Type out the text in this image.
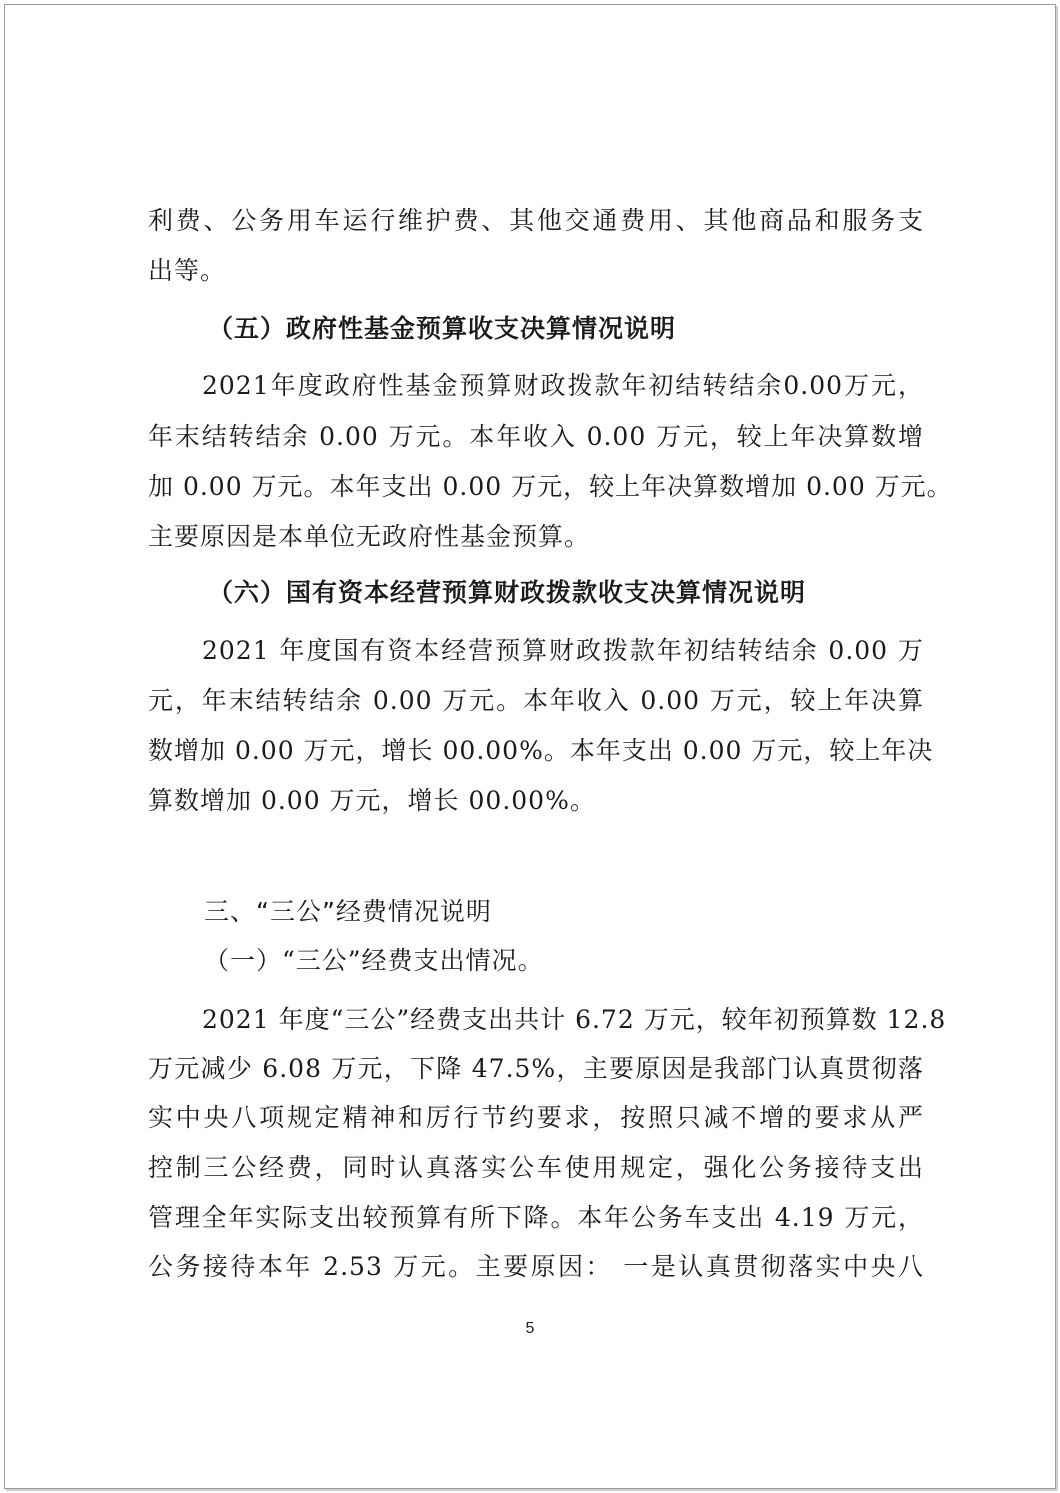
利费、公务用车运行维护费、其他交通费用、其他商品和服务支
出等。
（五）政府性基金预算收支决算情况说明
2021年度政府性基金预算财政拨款年初结转结余0.00万元，
年末结转结余 0.00 万元。本年收入 0.00 万元，较上年决算数增
加 0.00 万元。本年支出 0.00 万元，较上年决算数增加 0.00 万元。
主要原因是本单位无政府性基金预算。
（六）国有资本经营预算财政拨款收支决算情况说明
2021 年度国有资本经营预算财政拨款年初结转结余 0.00 万
元，年末结转结余 0.00 万元。本年收入 0.00 万元，较上年决算
数增加 0.00 万元，增长 00.00%。本年支出 0.00 万元，较上年决
算数增加 0.00 万元，增长 00.00%。
三、“三公”经费情况说明
（一）“三公”经费支出情况。
2021 年度“三公”经费支出共计 6.72 万元，较年初预算数 12.8
万元减少 6.08 万元，下降 47.5%，主要原因是我部门认真贯彻落
实中央八项规定精神和厉行节约要求，按照只减不增的要求从严
控制三公经费，同时认真落实公车使用规定，强化公务接待支出
管理全年实际支出较预算有所下降。本年公务车支出 4.19 万元，
公务接待本年 2.53 万元。主要原因： 一是认真贯彻落实中央八
5
